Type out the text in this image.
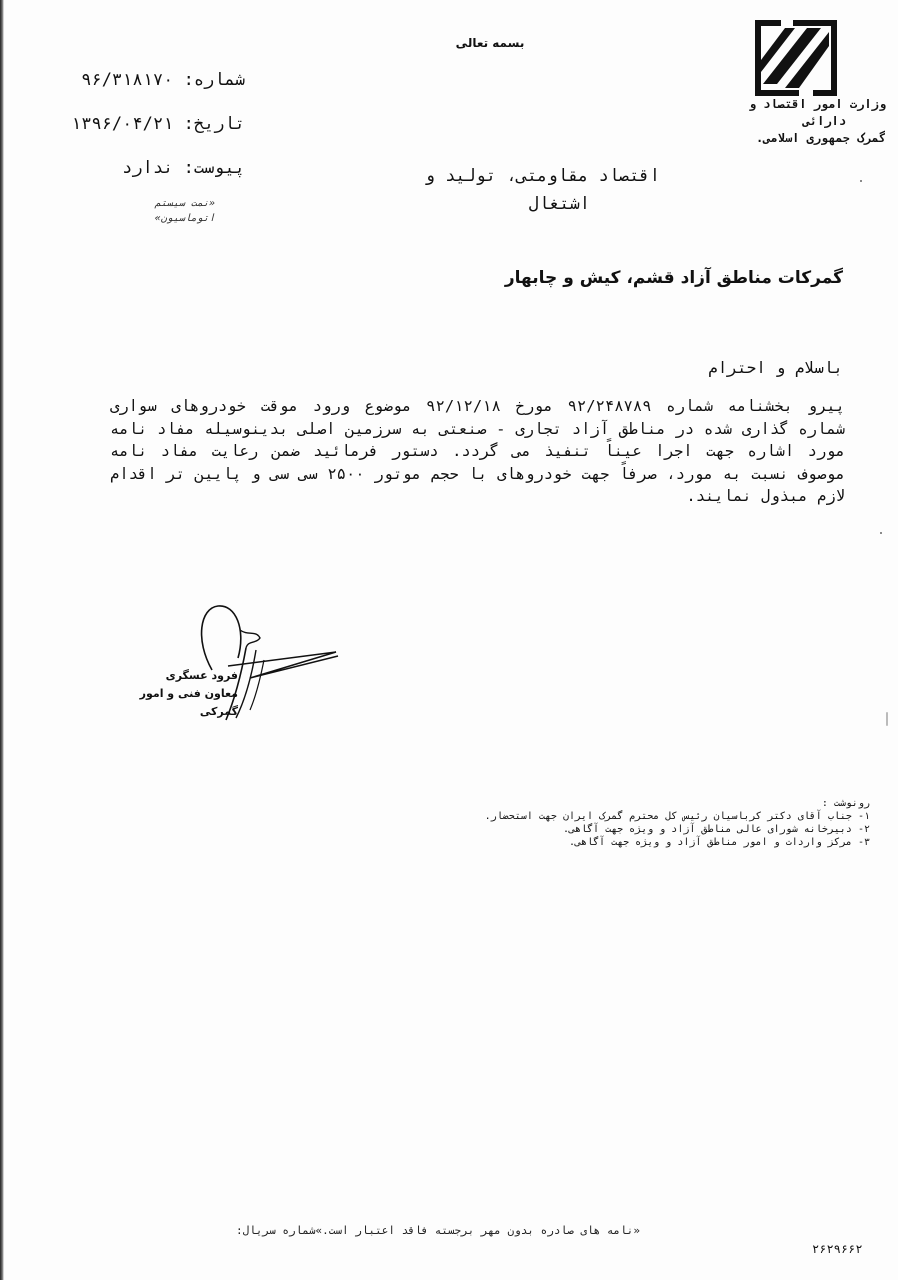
بسمه تعالی
وزارت امور اقتصاد و
دارائی
گمرک جمهوری اسلامی.
شماره: ۹۶/۳۱۸۱۷۰
تاریخ: ۱۳۹۶/۰۴/۲۱
پیوست: ندارد
«نمت سیستم
اتوماسیون»
اقتصاد مقاومتی، تولید و
اشتغال
گمرکات مناطق آزاد قشم، کیش و چابهار
باسلام و احترام
پیرو بخشنامه شماره ۹۲/۲۴۸۷۸۹ مورخ ۹۲/۱۲/۱۸ موضوع ورود موقت خودروهای سواری شماره گذاری شده در مناطق آزاد تجاری - صنعتی به سرزمین اصلی بدینوسیله مفاد نامه مورد اشاره جهت اجرا عیناً تنفیذ می گردد. دستور فرمائید ضمن رعایت مفاد نامه موصوف نسبت به مورد، صرفاً جهت خودروهای با حجم موتور ۲۵۰۰ سی سی و پایین تر اقدام لازم مبذول نمایند.
فرود عسگری
معاون فنی و امور گمرکی
رونوشت :
۱- جناب آقای دکتر کرباسیان رئیس کل محترم گمرک ایران جهت استحضار.
۲- دبیرخانه شورای عالی مناطق آزاد و ویژه جهت آگاهی.
۳- مرکز واردات و امور مناطق آزاد و ویژه جهت آگاهی.
«نامه های صادره بدون مهر برجسته فاقد اعتبار است.»شماره سریال:
۲۶۲۹۶۶۲
